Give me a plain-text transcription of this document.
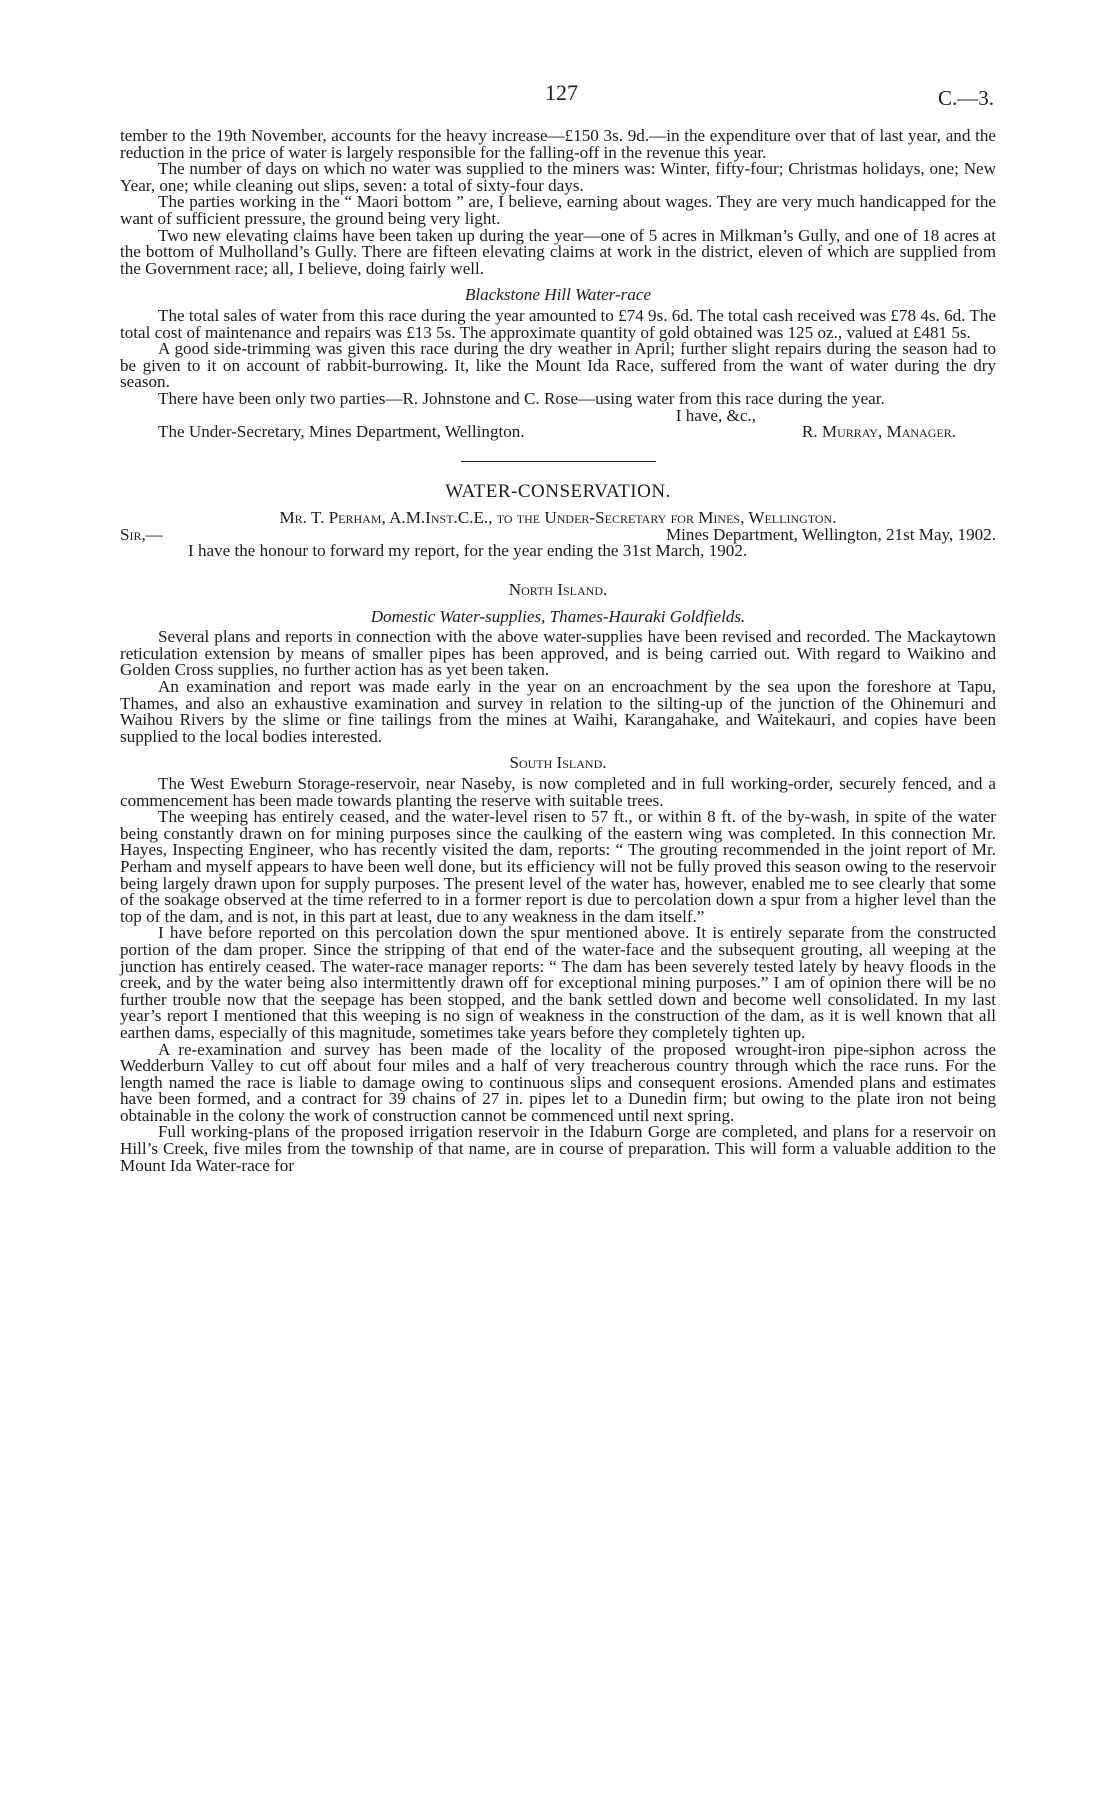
127	C.—3.

tember to the 19th November, accounts for the heavy increase—£150 3s. 9d.—in the expenditure over that of last year, and the reduction in the price of water is largely responsible for the falling-off in the revenue this year.

The number of days on which no water was supplied to the miners was: Winter, fifty-four; Christmas holidays, one; New Year, one; while cleaning out slips, seven: a total of sixty-four days.

The parties working in the “ Maori bottom ” are, I believe, earning about wages. They are very much handicapped for the want of sufficient pressure, the ground being very light.

Two new elevating claims have been taken up during the year—one of 5 acres in Milkman’s Gully, and one of 18 acres at the bottom of Mulholland’s Gully. There are fifteen elevating claims at work in the district, eleven of which are supplied from the Government race; all, I believe, doing fairly well.

Blackstone Hill Water-race

The total sales of water from this race during the year amounted to £74 9s. 6d. The total cash received was £78 4s. 6d. The total cost of maintenance and repairs was £13 5s. The approximate quantity of gold obtained was 125 oz., valued at £481 5s.

A good side-trimming was given this race during the dry weather in April; further slight repairs during the season had to be given to it on account of rabbit-burrowing. It, like the Mount Ida Race, suffered from the want of water during the dry season.

There have been only two parties—R. Johnstone and C. Rose—using water from this race during the year.

I have, &c.,

The Under-Secretary, Mines Department, Wellington.	R. Murray, Manager.

WATER-CONSERVATION.

Mr. T. Perham, A.M.Inst.C.E., to the Under-Secretary for Mines, Wellington.

Sir,—	Mines Department, Wellington, 21st May, 1902.

I have the honour to forward my report, for the year ending the 31st March, 1902.

North Island.

Domestic Water-supplies, Thames-Hauraki Goldfields.

Several plans and reports in connection with the above water-supplies have been revised and recorded. The Mackaytown reticulation extension by means of smaller pipes has been approved, and is being carried out. With regard to Waikino and Golden Cross supplies, no further action has as yet been taken.

An examination and report was made early in the year on an encroachment by the sea upon the foreshore at Tapu, Thames, and also an exhaustive examination and survey in relation to the silting-up of the junction of the Ohinemuri and Waihou Rivers by the slime or fine tailings from the mines at Waihi, Karangahake, and Waitekauri, and copies have been supplied to the local bodies interested.

South Island.

The West Eweburn Storage-reservoir, near Naseby, is now completed and in full working-order, securely fenced, and a commencement has been made towards planting the reserve with suitable trees.

The weeping has entirely ceased, and the water-level risen to 57 ft., or within 8 ft. of the by-wash, in spite of the water being constantly drawn on for mining purposes since the caulking of the eastern wing was completed. In this connection Mr. Hayes, Inspecting Engineer, who has recently visited the dam, reports: “ The grouting recommended in the joint report of Mr. Perham and myself appears to have been well done, but its efficiency will not be fully proved this season owing to the reservoir being largely drawn upon for supply purposes. The present level of the water has, however, enabled me to see clearly that some of the soakage observed at the time referred to in a former report is due to percolation down a spur from a higher level than the top of the dam, and is not, in this part at least, due to any weakness in the dam itself.”

I have before reported on this percolation down the spur mentioned above. It is entirely separate from the constructed portion of the dam proper. Since the stripping of that end of the water-face and the subsequent grouting, all weeping at the junction has entirely ceased. The water-race manager reports: “ The dam has been severely tested lately by heavy floods in the creek, and by the water being also intermittently drawn off for exceptional mining purposes.” I am of opinion there will be no further trouble now that the seepage has been stopped, and the bank settled down and become well consolidated. In my last year’s report I mentioned that this weeping is no sign of weakness in the construction of the dam, as it is well known that all earthen dams, especially of this magnitude, sometimes take years before they completely tighten up.

A re-examination and survey has been made of the locality of the proposed wrought-iron pipe-siphon across the Wedderburn Valley to cut off about four miles and a half of very treacherous country through which the race runs. For the length named the race is liable to damage owing to continuous slips and consequent erosions. Amended plans and estimates have been formed, and a contract for 39 chains of 27 in. pipes let to a Dunedin firm; but owing to the plate iron not being obtainable in the colony the work of construction cannot be commenced until next spring.

Full working-plans of the proposed irrigation reservoir in the Idaburn Gorge are completed, and plans for a reservoir on Hill’s Creek, five miles from the township of that name, are in course of preparation. This will form a valuable addition to the Mount Ida Water-race for
